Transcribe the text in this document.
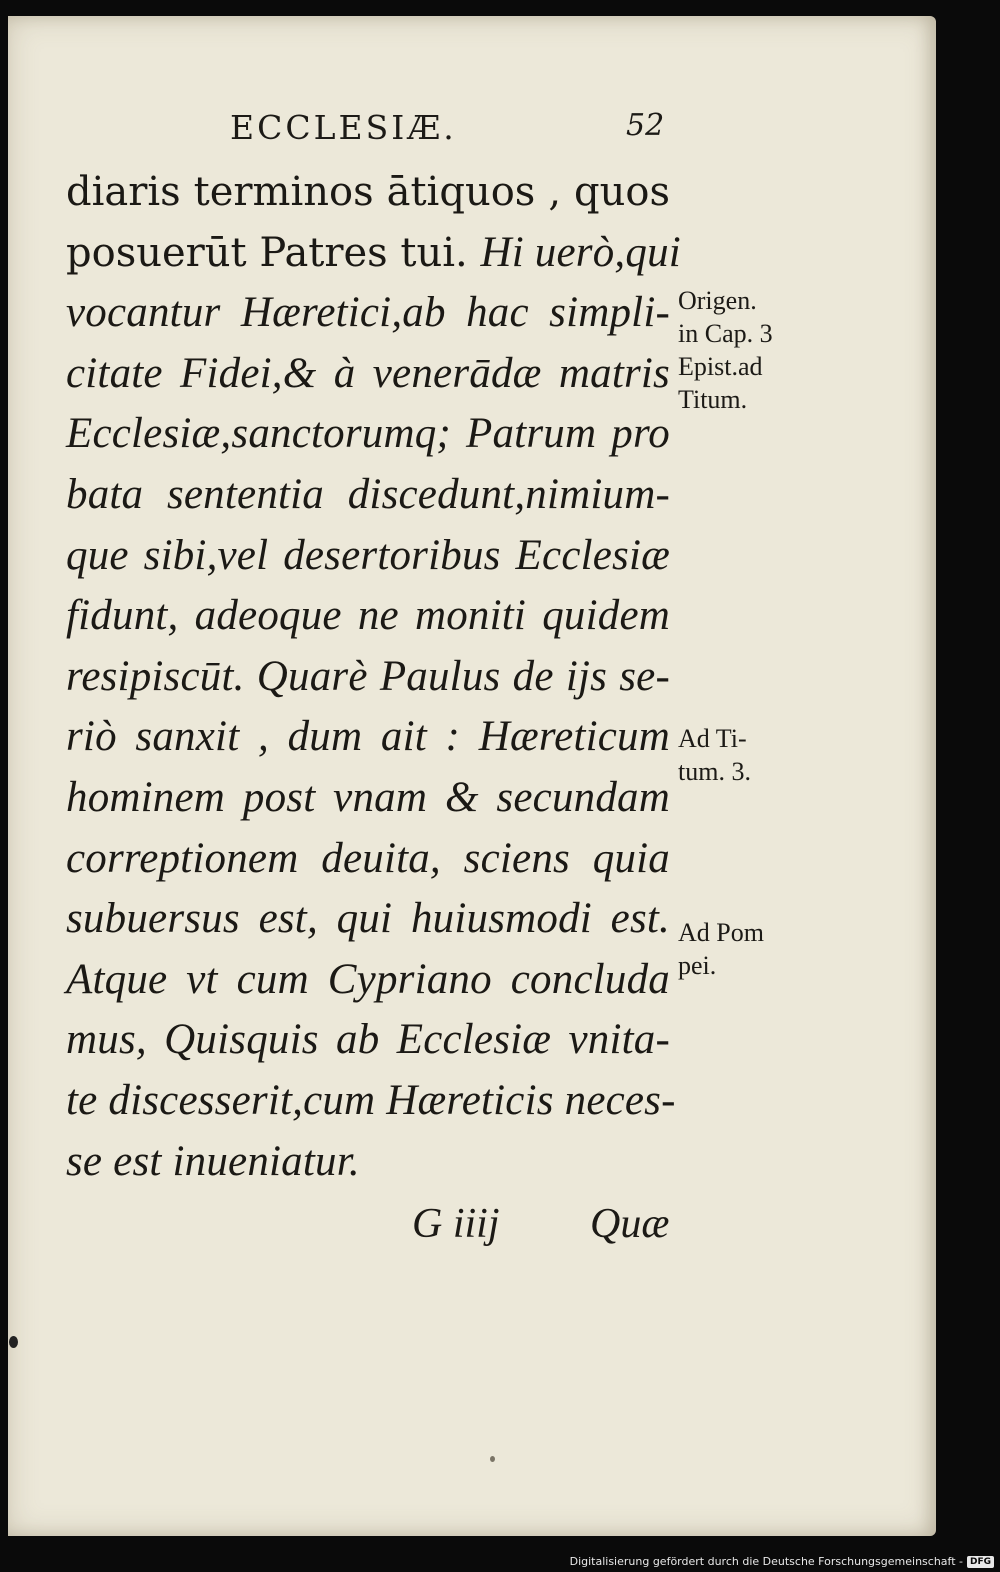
ECCLESIÆ.	52
diaris terminos ātiquos , quos
posuerūt Patres tui. Hi uerò,qui
vocantur Hæretici,ab hac simpli-
citate Fidei,& à venerādæ matris
Ecclesiæ,sanctorumq; Patrum pro
bata sententia discedunt,nimium-
que sibi,vel desertoribus Ecclesiæ
fidunt, adeoque ne moniti quidem
resipiscūt. Quarè Paulus de ijs se-
riò sanxit , dum ait : Hæreticum
hominem post vnam & secundam
correptionem deuita, sciens quia
subuersus est, qui huiusmodi est.
Atque vt cum Cypriano concluda
mus, Quisquis ab Ecclesiæ vnita-
te discesserit,cum Hæreticis neces-
se est inueniatur.
Origen.
in Cap. 3
Epist.ad
Titum.
Ad Ti-
tum. 3.
Ad Pom
pei.
G iiij Quæ
Digitalisierung gefördert durch die Deutsche Forschungsgemeinschaft - DFG
